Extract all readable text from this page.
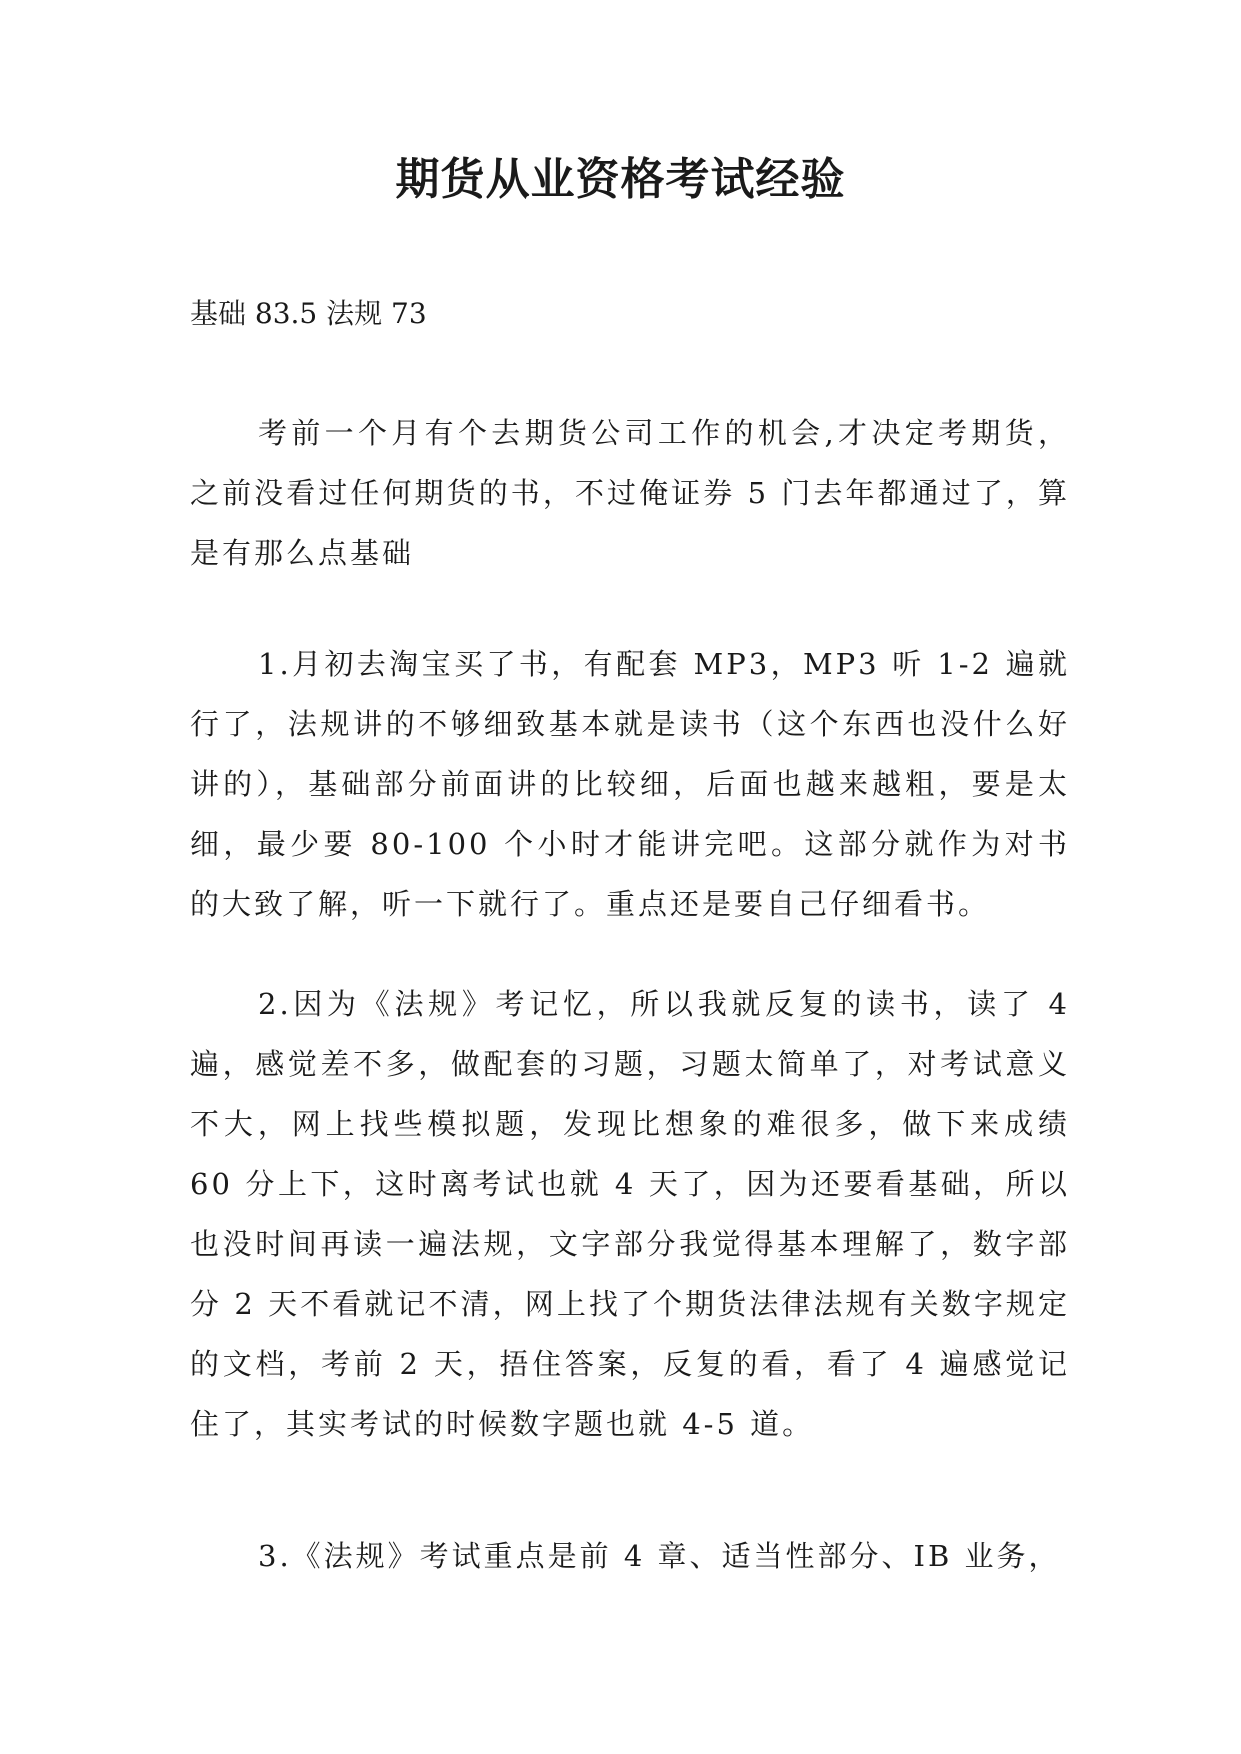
期货从业资格考试经验

基础 83.5 法规 73

考前一个月有个去期货公司工作的机会,才决定考期货，之前没看过任何期货的书，不过俺证券 5 门去年都通过了，算是有那么点基础

1.月初去淘宝买了书，有配套 MP3，MP3 听 1-2 遍就行了，法规讲的不够细致基本就是读书（这个东西也没什么好讲的），基础部分前面讲的比较细，后面也越来越粗，要是太细，最少要 80-100 个小时才能讲完吧。这部分就作为对书的大致了解，听一下就行了。重点还是要自己仔细看书。

2.因为《法规》考记忆，所以我就反复的读书，读了 4 遍，感觉差不多，做配套的习题，习题太简单了，对考试意义不大，网上找些模拟题，发现比想象的难很多，做下来成绩 60 分上下，这时离考试也就 4 天了，因为还要看基础，所以也没时间再读一遍法规，文字部分我觉得基本理解了，数字部分 2 天不看就记不清，网上找了个期货法律法规有关数字规定的文档，考前 2 天，捂住答案，反复的看，看了 4 遍感觉记住了，其实考试的时候数字题也就 4-5 道。

3.《法规》考试重点是前 4 章、适当性部分、IB 业务，
